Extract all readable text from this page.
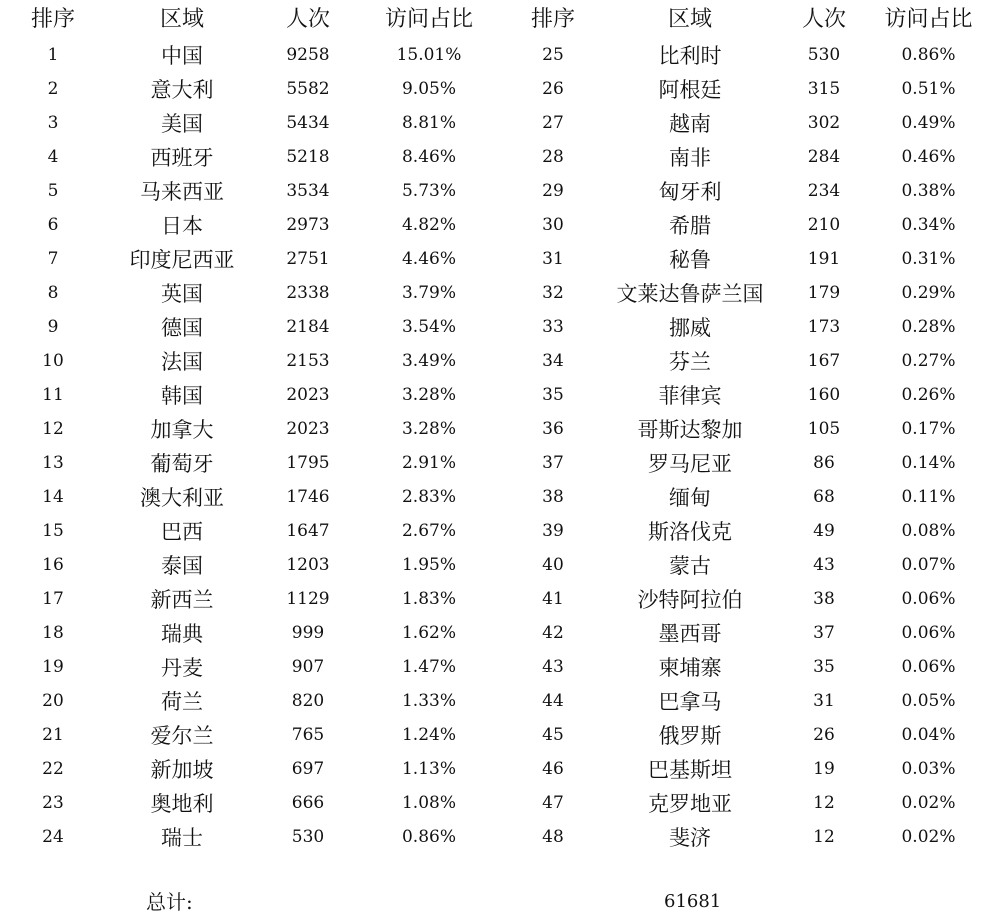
排序	区域	人次	访问占比
1	中国	9258	15.01%
2	意大利	5582	9.05%
3	美国	5434	8.81%
4	西班牙	5218	8.46%
5	马来西亚	3534	5.73%
6	日本	2973	4.82%
7	印度尼西亚	2751	4.46%
8	英国	2338	3.79%
9	德国	2184	3.54%
10	法国	2153	3.49%
11	韩国	2023	3.28%
12	加拿大	2023	3.28%
13	葡萄牙	1795	2.91%
14	澳大利亚	1746	2.83%
15	巴西	1647	2.67%
16	泰国	1203	1.95%
17	新西兰	1129	1.83%
18	瑞典	999	1.62%
19	丹麦	907	1.47%
20	荷兰	820	1.33%
21	爱尔兰	765	1.24%
22	新加坡	697	1.13%
23	奥地利	666	1.08%
24	瑞士	530	0.86%
排序	区域	人次	访问占比
25	比利时	530	0.86%
26	阿根廷	315	0.51%
27	越南	302	0.49%
28	南非	284	0.46%
29	匈牙利	234	0.38%
30	希腊	210	0.34%
31	秘鲁	191	0.31%
32	文莱达鲁萨兰国	179	0.29%
33	挪威	173	0.28%
34	芬兰	167	0.27%
35	菲律宾	160	0.26%
36	哥斯达黎加	105	0.17%
37	罗马尼亚	86	0.14%
38	缅甸	68	0.11%
39	斯洛伐克	49	0.08%
40	蒙古	43	0.07%
41	沙特阿拉伯	38	0.06%
42	墨西哥	37	0.06%
43	柬埔寨	35	0.06%
44	巴拿马	31	0.05%
45	俄罗斯	26	0.04%
46	巴基斯坦	19	0.03%
47	克罗地亚	12	0.02%
48	斐济	12	0.02%
总计:	61681
